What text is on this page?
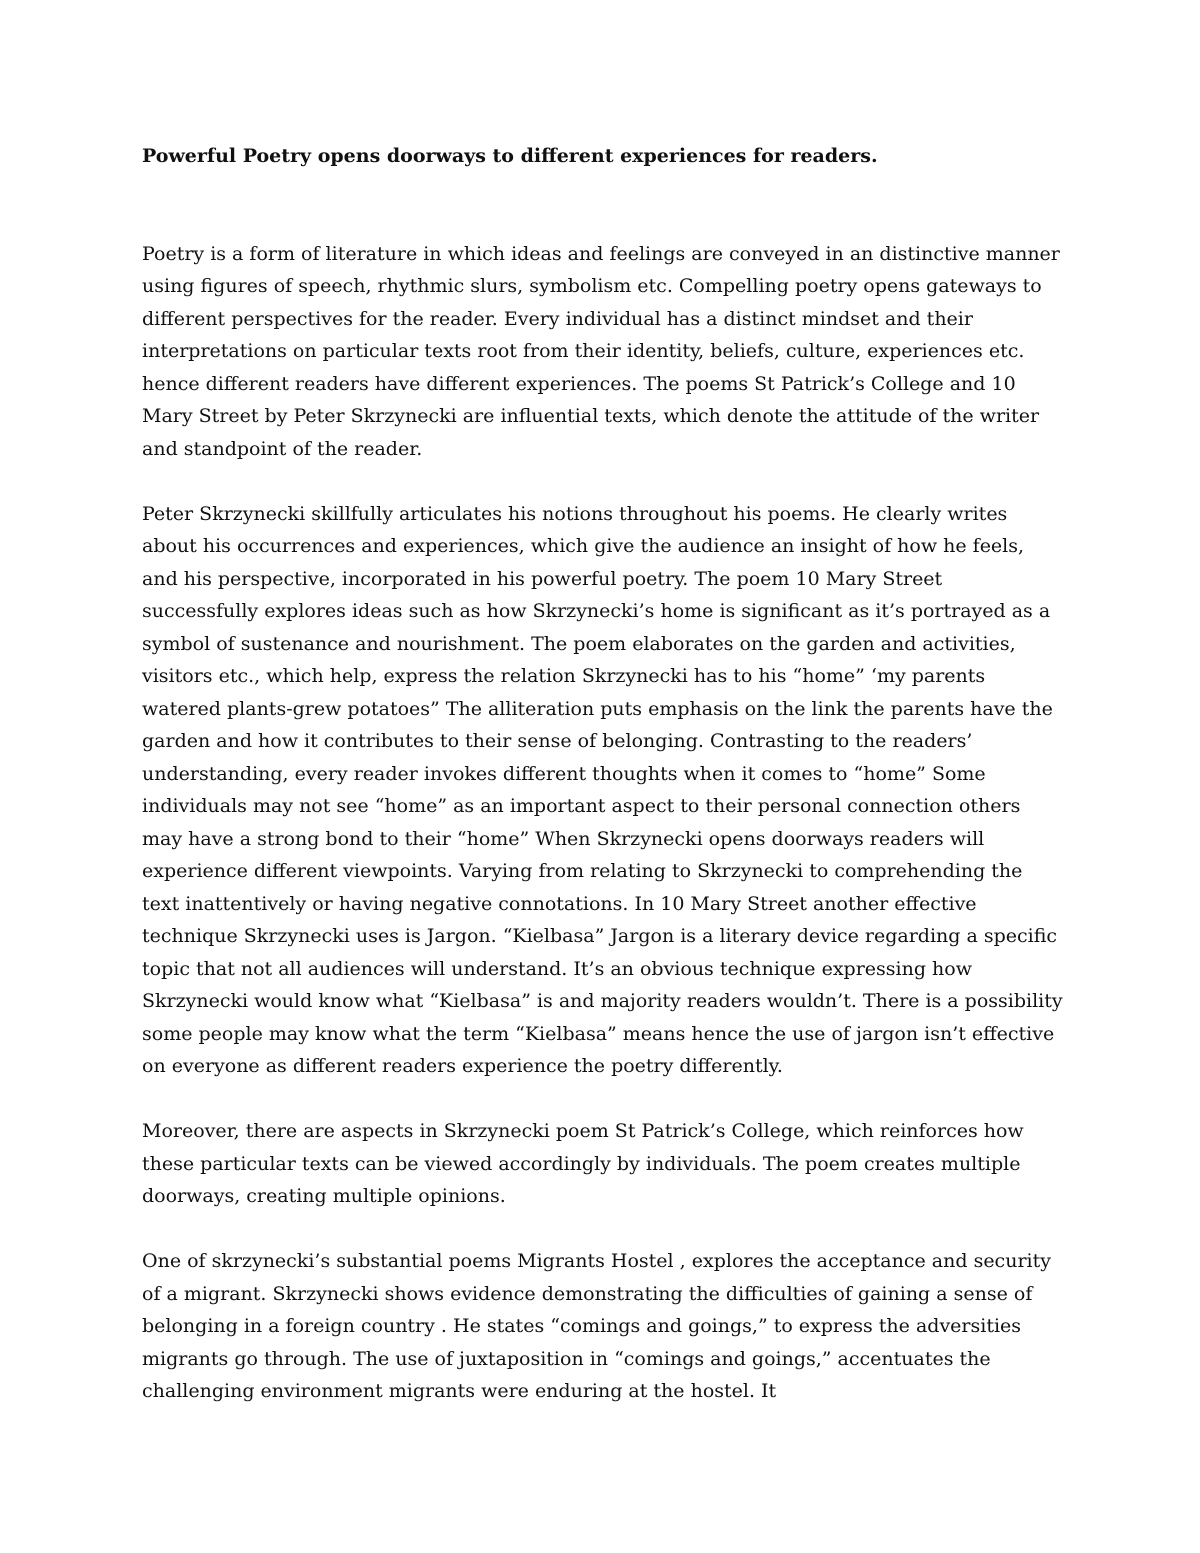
Powerful Poetry opens doorways to different experiences for readers.
Poetry is a form of literature in which ideas and feelings are conveyed in an distinctive manner using figures of speech, rhythmic slurs, symbolism etc. Compelling poetry opens gateways to different perspectives for the reader. Every individual has a distinct mindset and their interpretations on particular texts root from their identity, beliefs, culture, experiences etc. hence different readers have different experiences. The poems St Patrick’s College and 10 Mary Street by Peter Skrzynecki are influential texts, which denote the attitude of the writer and standpoint of the reader.
Peter Skrzynecki skillfully articulates his notions throughout his poems. He clearly writes about his occurrences and experiences, which give the audience an insight of how he feels, and his perspective, incorporated in his powerful poetry. The poem 10 Mary Street successfully explores ideas such as how Skrzynecki’s home is significant as it’s portrayed as a symbol of sustenance and nourishment. The poem elaborates on the garden and activities, visitors etc., which help, express the relation Skrzynecki has to his “home” ‘my parents watered plants-grew potatoes” The alliteration puts emphasis on the link the parents have the garden and how it contributes to their sense of belonging. Contrasting to the readers’ understanding, every reader invokes different thoughts when it comes to “home” Some individuals may not see “home” as an important aspect to their personal connection others may have a strong bond to their “home” When Skrzynecki opens doorways readers will experience different viewpoints. Varying from relating to Skrzynecki to comprehending the text inattentively or having negative connotations. In 10 Mary Street another effective technique Skrzynecki uses is Jargon. “Kielbasa” Jargon is a literary device regarding a specific topic that not all audiences will understand. It’s an obvious technique expressing how Skrzynecki would know what “Kielbasa” is and majority readers wouldn’t. There is a possibility some people may know what the term “Kielbasa” means hence the use of jargon isn’t effective on everyone as different readers experience the poetry differently.
Moreover, there are aspects in Skrzynecki poem St Patrick’s College, which reinforces how these particular texts can be viewed accordingly by individuals. The poem creates multiple doorways, creating multiple opinions.
One of skrzynecki’s substantial poems Migrants Hostel , explores the acceptance and security of a migrant. Skrzynecki shows evidence demonstrating the difficulties of gaining a sense of belonging in a foreign country . He states “comings and goings,” to express the adversities migrants go through. The use of juxtaposition in “comings and goings,” accentuates the challenging environment migrants were enduring at the hostel. It
